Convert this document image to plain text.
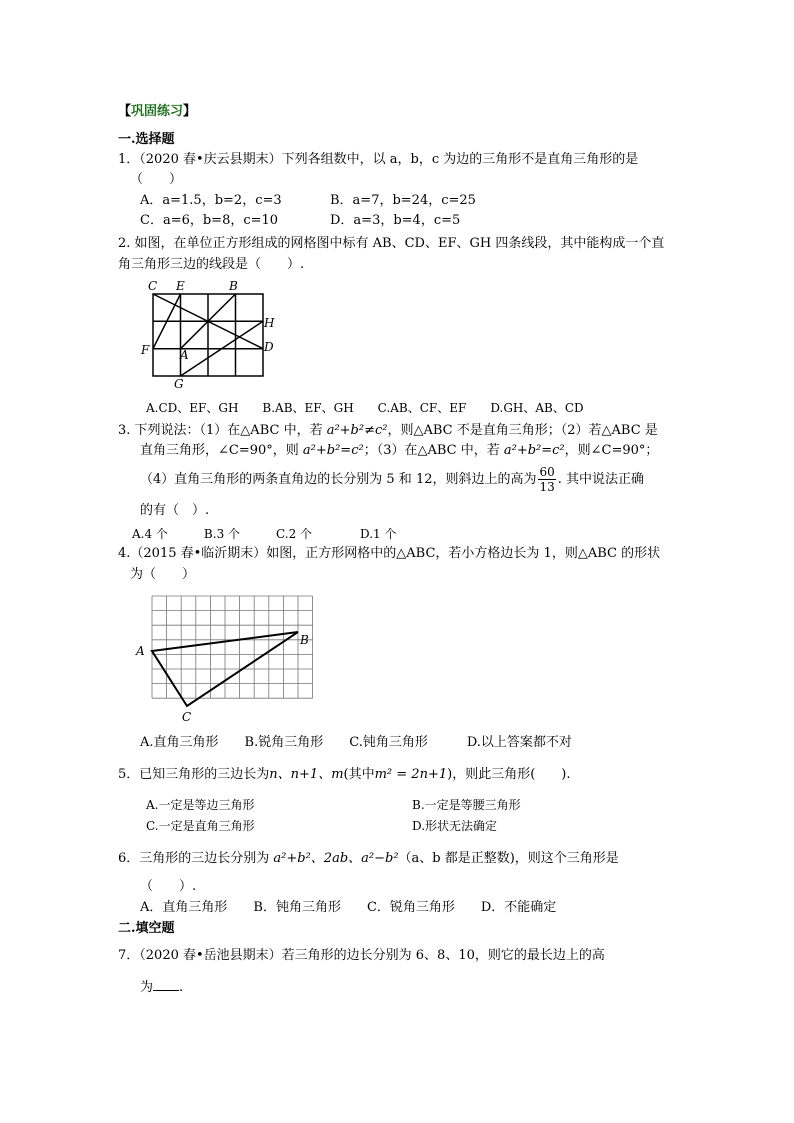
【巩固练习】
一.选择题
1．（2020 春•庆云县期末）下列各组数中，以 a，b，c 为边的三角形不是直角三角形的是
（　　）
A．a=1.5，b=2，c=3	B．a=7，b=24，c=25
C．a=6，b=8，c=10	D．a=3，b=4，c=5
2. 如图，在单位正方形组成的网格图中标有 AB、CD、EF、GH 四条线段，其中能构成一个直
角三角形三边的线段是（　　）.
C E	B
H
F	D
A
G
A.CD、EF、GH　　B.AB、EF、GH　　C.AB、CF、EF　　D.GH、AB、CD
3. 下列说法：（1）在△ABC 中，若 a²+b²≠c²，则△ABC 不是直角三角形；（2）若△ABC 是
直角三角形，∠C=90°，则 a²+b²=c²；（3）在△ABC 中，若 a²+b²=c²，则∠C=90°；
（4）直角三角形的两条直角边的长分别为 5 和 12，则斜边上的高为 $\frac{60}{13}$ . 其中说法正确
的有（　）.
A.4 个　　　B.3 个　　　C.2 个　　　　D.1 个
4.（2015 春•临沂期末）如图，正方形网格中的△ABC，若小方格边长为 1，则△ABC 的形状
为（　　）
A
B
C
A.直角三角形　　B.锐角三角形　　C.钝角三角形　　　D.以上答案都不对
5．已知三角形的三边长为n、n+1、m(其中m² = 2n+1)，则此三角形(　　).
A.一定是等边三角形	B.一定是等腰三角形
C.一定是直角三角形	D.形状无法确定
6．三角形的三边长分别为 a²+b²、2ab、a²−b²（a、b 都是正整数)，则这个三角形是
（　　）.
A．直角三角形　　B．钝角三角形　　C．锐角三角形　　D．不能确定
二.填空题
7．（2020 春•岳池县期末）若三角形的边长分别为 6、8、10，则它的最长边上的高
为 .
